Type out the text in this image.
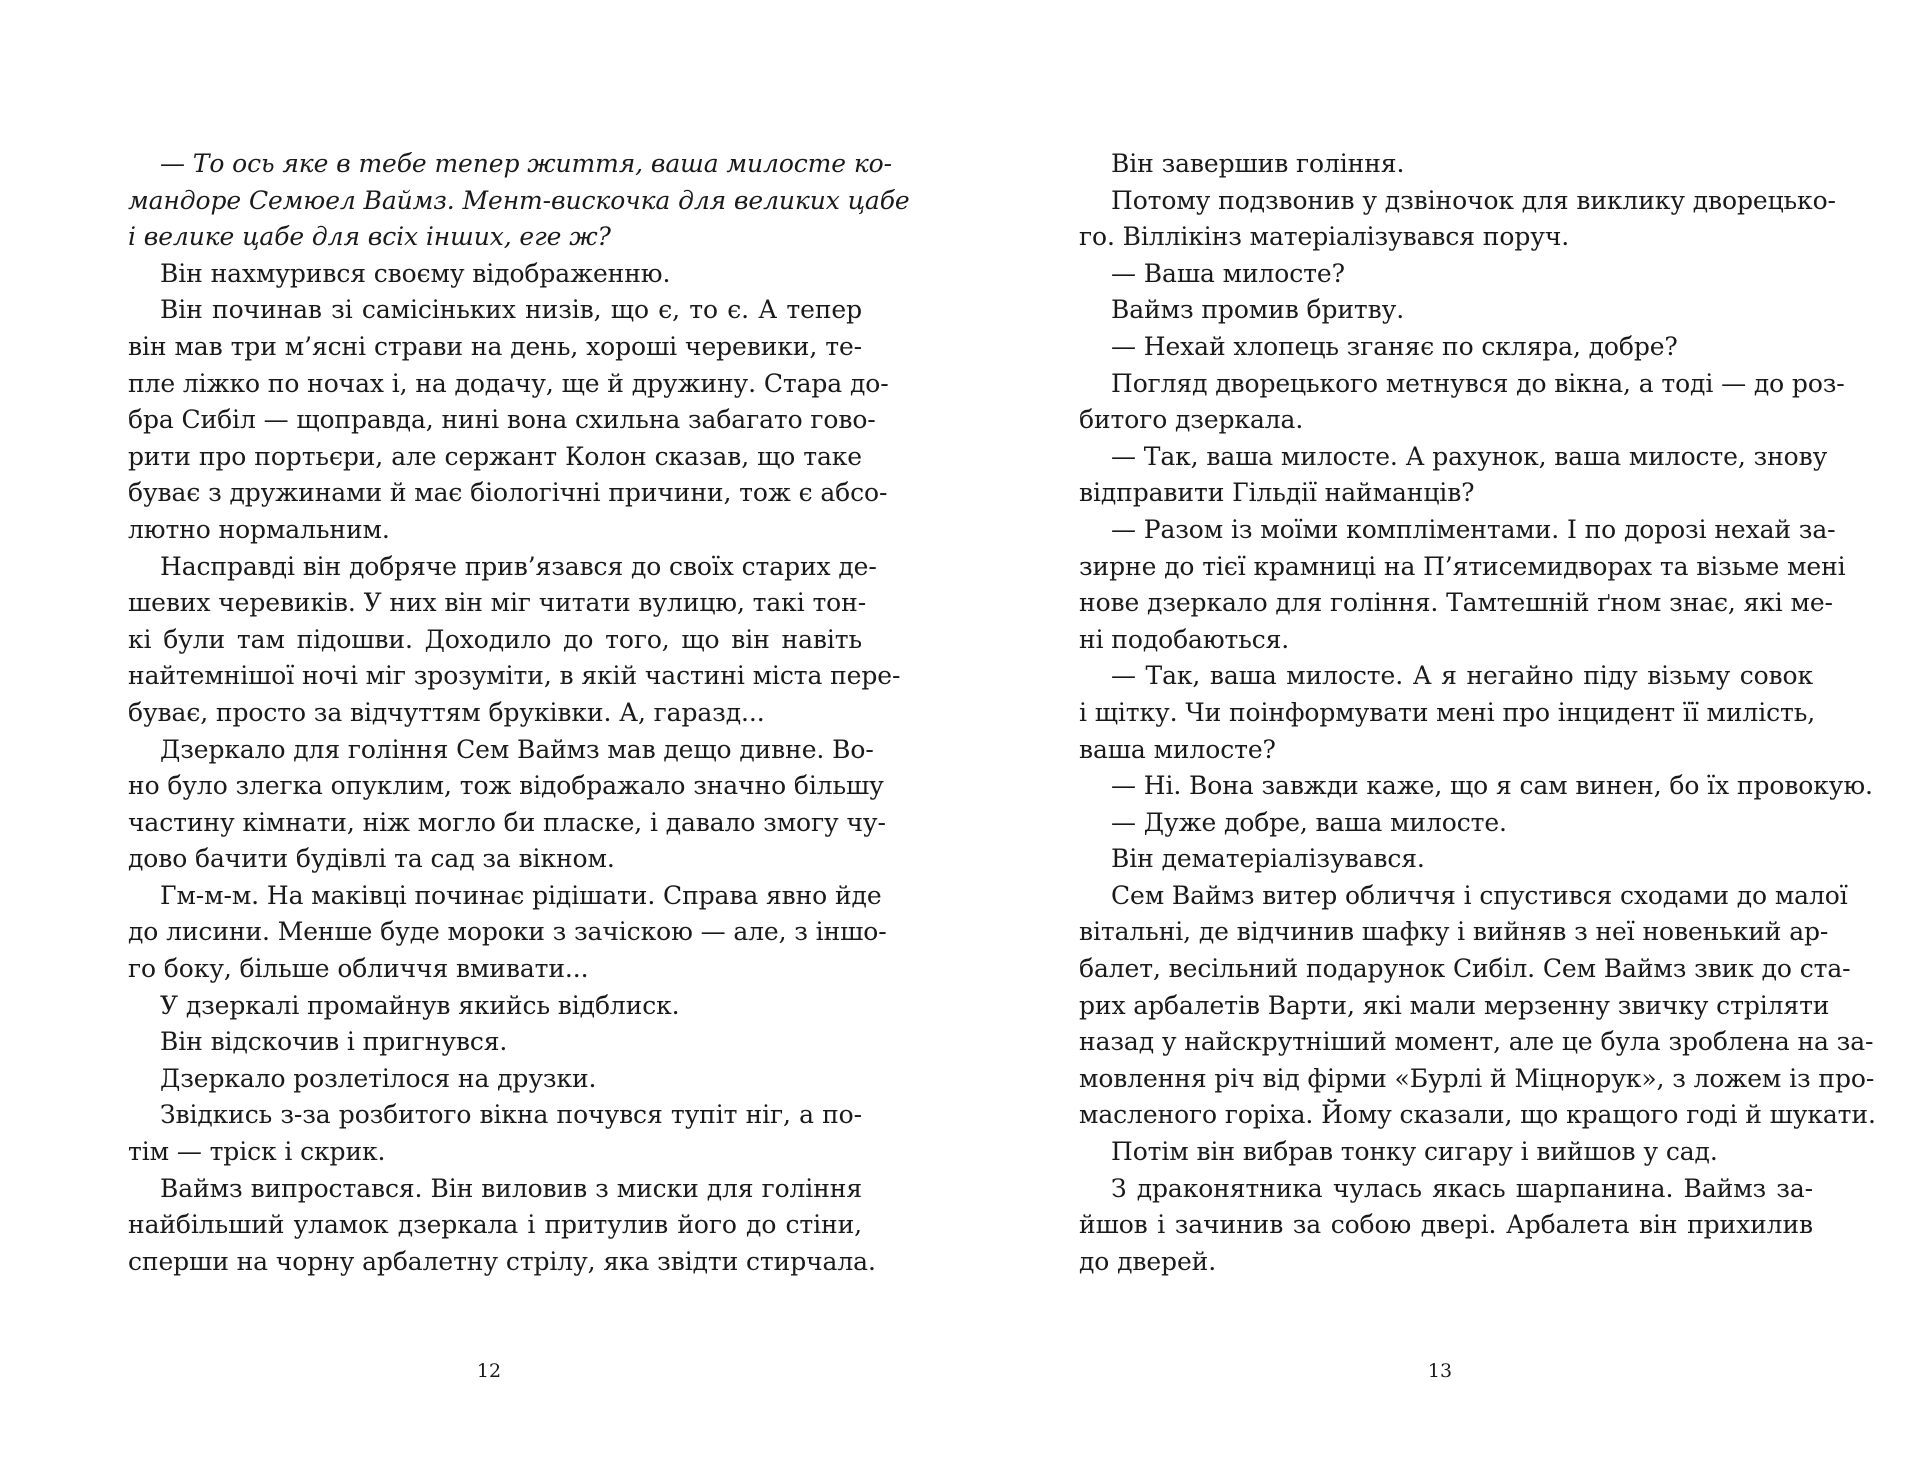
— То ось яке в тебе тепер життя, ваша милосте ко-
мандоре Семюел Ваймз. Мент-вискочка для великих цабе
і велике цабе для всіх інших, еге ж?
Він нахмурився своєму відображенню.
Він починав зі самісіньких низів, що є, то є. А тепер
він мав три м’ясні страви на день, хороші черевики, те-
пле ліжко по ночах і, на додачу, ще й дружину. Стара до-
бра Сибіл — щоправда, нині вона схильна забагато гово-
рити про портьєри, але сержант Колон сказав, що таке
буває з дружинами й має біологічні причини, тож є абсо-
лютно нормальним.
Насправді він добряче прив’язався до своїх старих де-
шевих черевиків. У них він міг читати вулицю, такі тон-
кі були там підошви. Доходило до того, що він навіть
найтемнішої ночі міг зрозуміти, в якій частині міста пере-
буває, просто за відчуттям бруківки. А, гаразд...
Дзеркало для гоління Сем Ваймз мав дещо дивне. Во-
но було злегка опуклим, тож відображало значно більшу
частину кімнати, ніж могло би пласке, і давало змогу чу-
дово бачити будівлі та сад за вікном.
Гм-м-м. На маківці починає рідішати. Справа явно йде
до лисини. Менше буде мороки з зачіскою — але, з іншо-
го боку, більше обличчя вмивати...
У дзеркалі промайнув якийсь відблиск.
Він відскочив і пригнувся.
Дзеркало розлетілося на друзки.
Звідкись з-за розбитого вікна почувся тупіт ніг, а по-
тім — тріск і скрик.
Ваймз випростався. Він виловив з миски для гоління
найбільший уламок дзеркала і притулив його до стіни,
сперши на чорну арбалетну стрілу, яка звідти стирчала.
Він завершив гоління.
Потому подзвонив у дзвіночок для виклику дворецько-
го. Віллікінз матеріалізувався поруч.
— Ваша милосте?
Ваймз промив бритву.
— Нехай хлопець зганяє по скляра, добре?
Погляд дворецького метнувся до вікна, а тоді — до роз-
битого дзеркала.
— Так, ваша милосте. А рахунок, ваша милосте, знову
відправити Гільдії найманців?
— Разом із моїми компліментами. І по дорозі нехай за-
зирне до тієї крамниці на П’ятисемидворах та візьме мені
нове дзеркало для гоління. Тамтешній ґном знає, які ме-
ні подобаються.
— Так, ваша милосте. А я негайно піду візьму совок
і щітку. Чи поінформувати мені про інцидент її милість,
ваша милосте?
— Ні. Вона завжди каже, що я сам винен, бо їх провокую.
— Дуже добре, ваша милосте.
Він дематеріалізувався.
Сем Ваймз витер обличчя і спустився сходами до малої
вітальні, де відчинив шафку і вийняв з неї новенький ар-
балет, весільний подарунок Сибіл. Сем Ваймз звик до ста-
рих арбалетів Варти, які мали мерзенну звичку стріляти
назад у найскрутніший момент, але це була зроблена на за-
мовлення річ від фірми «Бурлі й Міцнорук», з ложем із про-
масленого горіха. Йому сказали, що кращого годі й шукати.
Потім він вибрав тонку сигару і вийшов у сад.
З драконятника чулась якась шарпанина. Ваймз за-
йшов і зачинив за собою двері. Арбалета він прихилив
до дверей.
12	13
